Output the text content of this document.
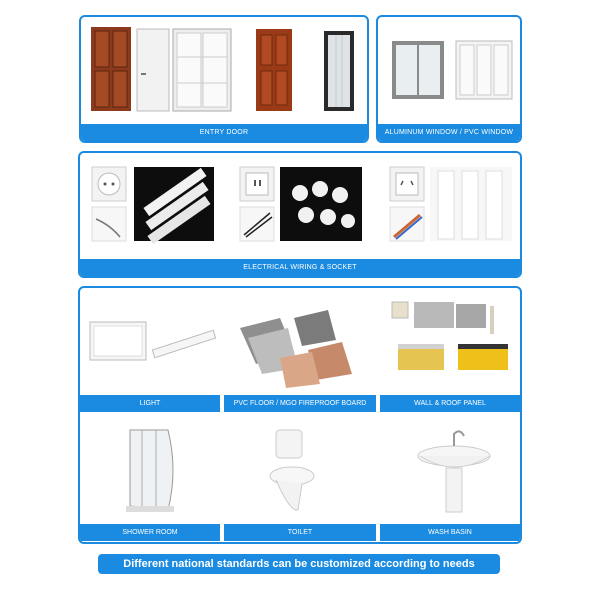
ENTRY DOOR	ALUMINUM WINDOW / PVC WINDOW
ELECTRICAL WIRING & SOCKET
LIGHT	PVC FLOOR / MGO FIREPROOF BOARD	WALL & ROOF PANEL
SHOWER ROOM	TOILET	WASH BASIN
Different national standards can be customized according to needs
